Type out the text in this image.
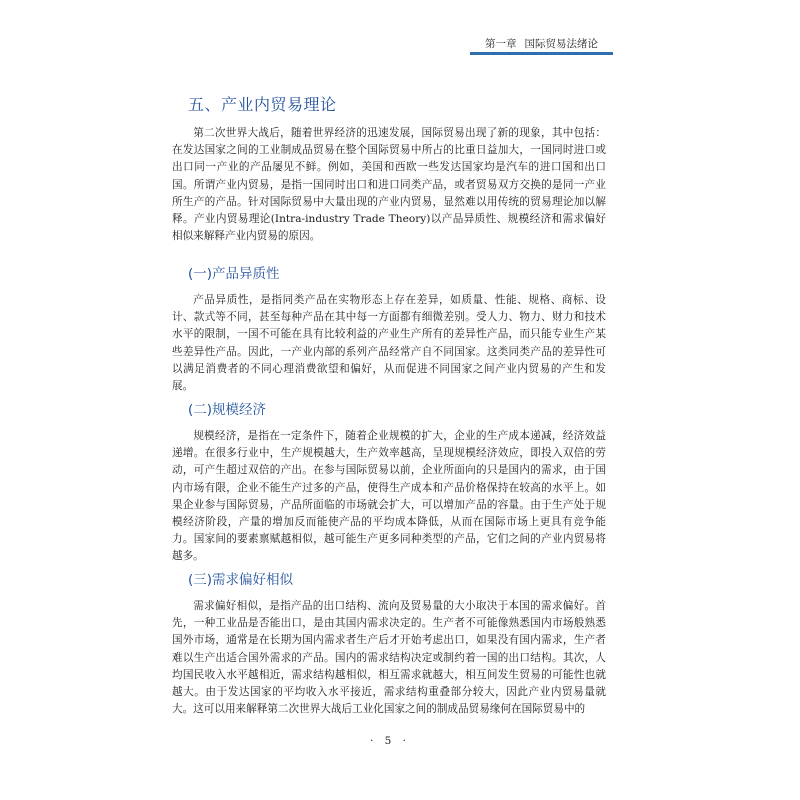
第一章 国际贸易法绪论
五、产业内贸易理论

第二次世界大战后，随着世界经济的迅速发展，国际贸易出现了新的现象，其中包括：在发达国家之间的工业制成品贸易在整个国际贸易中所占的比重日益加大，一国同时进口或出口同一产业的产品屡见不鲜。例如，美国和西欧一些发达国家均是汽车的进口国和出口国。所谓产业内贸易，是指一国同时出口和进口同类产品，或者贸易双方交换的是同一产业所生产的产品。针对国际贸易中大量出现的产业内贸易，显然难以用传统的贸易理论加以解释。产业内贸易理论(Intra-industry Trade Theory)以产品异质性、规模经济和需求偏好相似来解释产业内贸易的原因。

(一)产品异质性

产品异质性，是指同类产品在实物形态上存在差异，如质量、性能、规格、商标、设计、款式等不同，甚至每种产品在其中每一方面都有细微差别。受人力、物力、财力和技术水平的限制，一国不可能在具有比较利益的产业生产所有的差异性产品，而只能专业生产某些差异性产品。因此，一产业内部的系列产品经常产自不同国家。这类同类产品的差异性可以满足消费者的不同心理消费欲望和偏好，从而促进不同国家之间产业内贸易的产生和发展。

(二)规模经济

规模经济，是指在一定条件下，随着企业规模的扩大，企业的生产成本递减，经济效益递增。在很多行业中，生产规模越大，生产效率越高，呈现规模经济效应，即投入双倍的劳动，可产生超过双倍的产出。在参与国际贸易以前，企业所面向的只是国内的需求，由于国内市场有限，企业不能生产过多的产品，使得生产成本和产品价格保持在较高的水平上。如果企业参与国际贸易，产品所面临的市场就会扩大，可以增加产品的容量。由于生产处于规模经济阶段，产量的增加反而能使产品的平均成本降低，从而在国际市场上更具有竞争能力。国家间的要素禀赋越相似，越可能生产更多同种类型的产品，它们之间的产业内贸易将越多。

(三)需求偏好相似

需求偏好相似，是指产品的出口结构、流向及贸易量的大小取决于本国的需求偏好。首先，一种工业品是否能出口，是由其国内需求决定的。生产者不可能像熟悉国内市场般熟悉国外市场，通常是在长期为国内需求者生产后才开始考虑出口，如果没有国内需求，生产者难以生产出适合国外需求的产品。国内的需求结构决定或制约着一国的出口结构。其次，人均国民收入水平越相近，需求结构越相似，相互需求就越大，相互间发生贸易的可能性也就越大。由于发达国家的平均收入水平接近，需求结构重叠部分较大，因此产业内贸易量就大。这可以用来解释第二次世界大战后工业化国家之间的制成品贸易缘何在国际贸易中的

· 5 ·
